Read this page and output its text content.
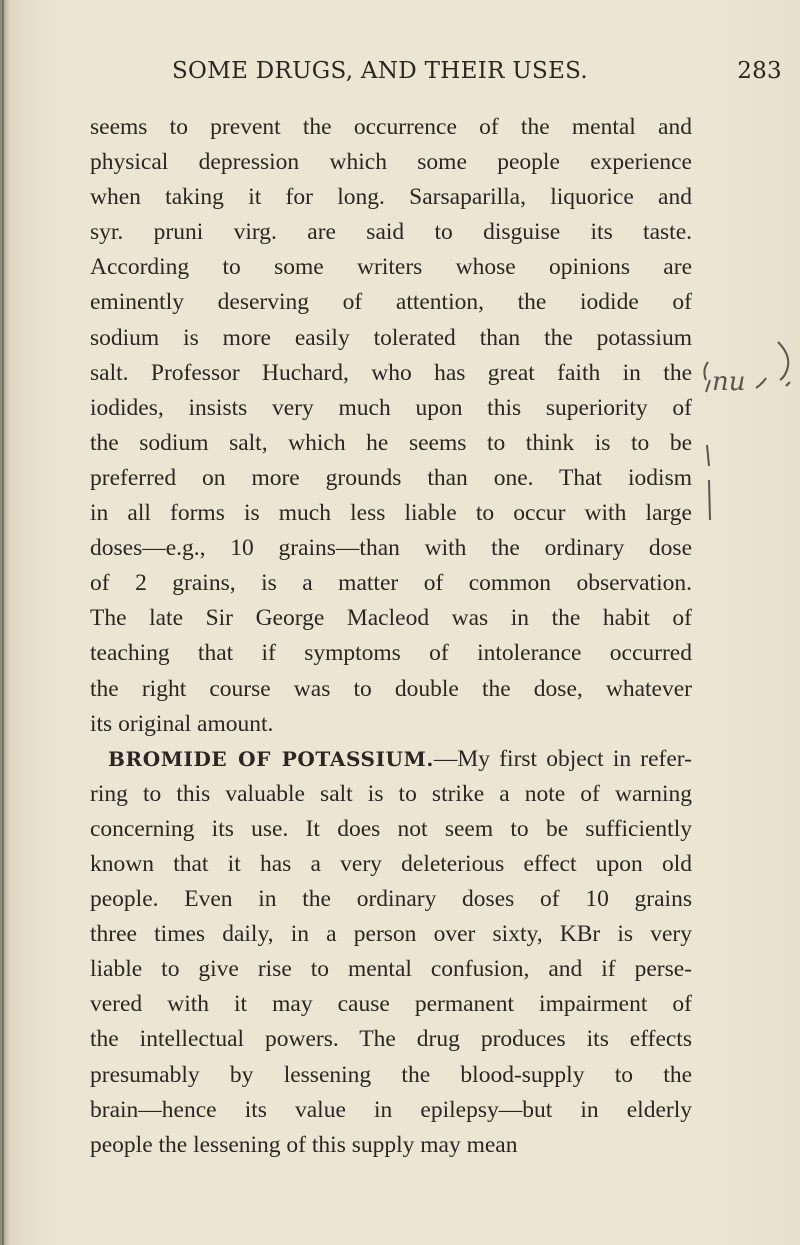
SOME DRUGS, AND THEIR USES.	283
seems to prevent the occurrence of the mental and
physical depression which some people experience
when taking it for long. Sarsaparilla, liquorice and
syr. pruni virg. are said to disguise its taste.
According to some writers whose opinions are
eminently deserving of attention, the iodide of
sodium is more easily tolerated than the potassium
salt. Professor Huchard, who has great faith in the
iodides, insists very much upon this superiority of
the sodium salt, which he seems to think is to be
preferred on more grounds than one. That iodism
in all forms is much less liable to occur with large
doses—e.g., 10 grains—than with the ordinary dose
of 2 grains, is a matter of common observation.
The late Sir George Macleod was in the habit of
teaching that if symptoms of intolerance occurred
the right course was to double the dose, whatever
its original amount.
BROMIDE OF POTASSIUM.—My first object in refer-
ring to this valuable salt is to strike a note of warning
concerning its use. It does not seem to be sufficiently
known that it has a very deleterious effect upon old
people. Even in the ordinary doses of 10 grains
three times daily, in a person over sixty, KBr is very
liable to give rise to mental confusion, and if perse-
vered with it may cause permanent impairment of
the intellectual powers. The drug produces its effects
presumably by lessening the blood-supply to the
brain—hence its value in epilepsy—but in elderly
people the lessening of this supply may mean
nu
